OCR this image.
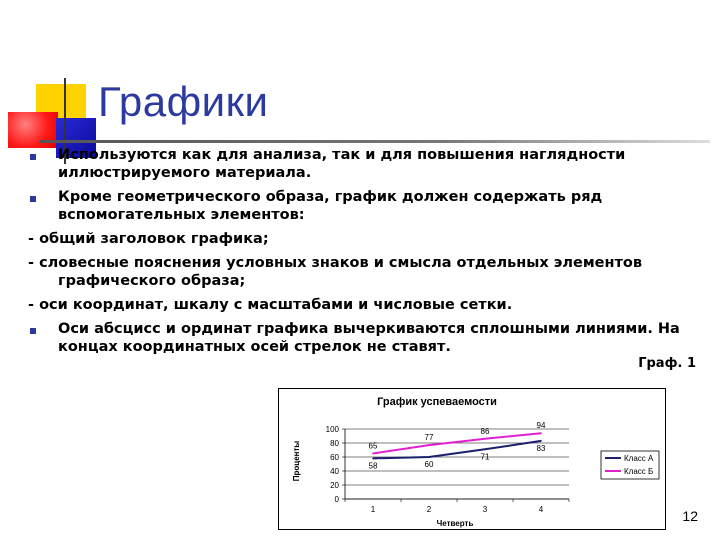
Графики
Используются как для анализа, так и для повышения наглядности иллюстрируемого материала.
Кроме геометрического образа, график должен содержать ряд вспомогательных элементов:
- общий заголовок графика;
- словесные пояснения условных знаков и смысла отдельных элементов графического образа;
- оси координат, шкалу с масштабами и числовые сетки.
Оси абсцисс и ординат графика вычеркиваются сплошными линиями. На концах координатных осей стрелок не ставят.
Граф. 1
График успеваемости
0
20
40
60
80
100
1	2	3	4
58	60
71
83
65
77
86
94
Четверть
Проценты	Класс А
Класс Б
12
